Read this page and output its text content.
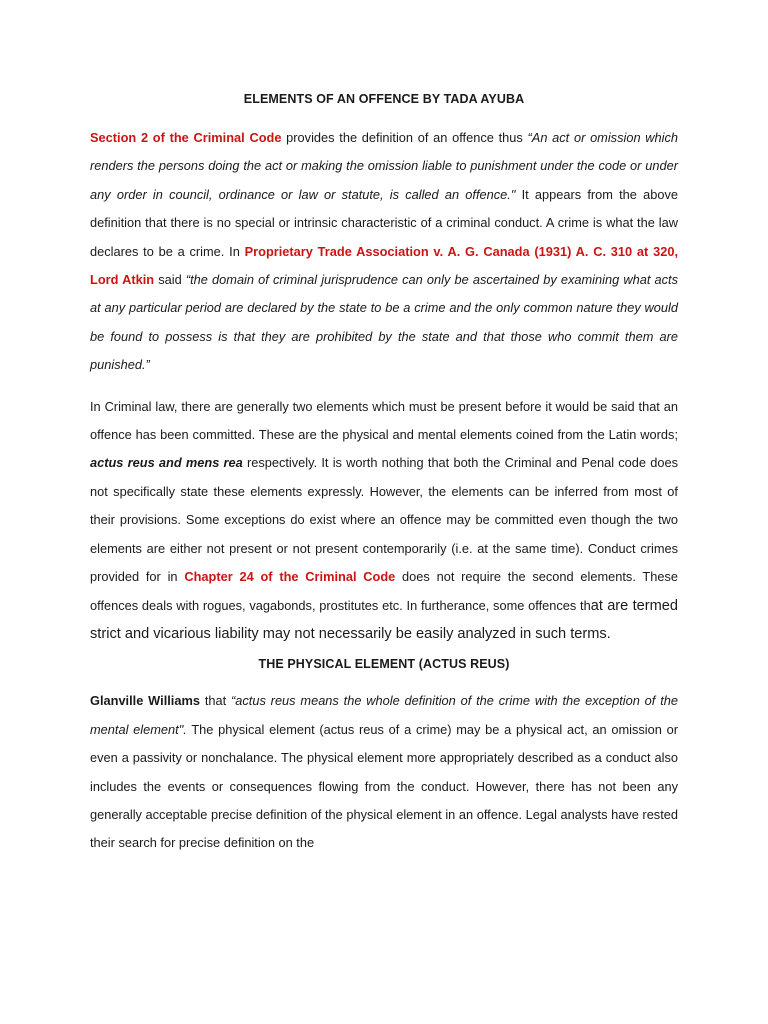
ELEMENTS OF AN OFFENCE BY TADA AYUBA

Section 2 of the Criminal Code provides the definition of an offence thus “An act or omission which renders the persons doing the act or making the omission liable to punishment under the code or under any order in council, ordinance or law or statute, is called an offence." It appears from the above definition that there is no special or intrinsic characteristic of a criminal conduct. A crime is what the law declares to be a crime. In Proprietary Trade Association v. A. G. Canada (1931) A. C. 310 at 320, Lord Atkin said “the domain of criminal jurisprudence can only be ascertained by examining what acts at any particular period are declared by the state to be a crime and the only common nature they would be found to possess is that they are prohibited by the state and that those who commit them are punished.”

In Criminal law, there are generally two elements which must be present before it would be said that an offence has been committed. These are the physical and mental elements coined from the Latin words; actus reus and mens rea respectively. It is worth nothing that both the Criminal and Penal code does not specifically state these elements expressly. However, the elements can be inferred from most of their provisions. Some exceptions do exist where an offence may be committed even though the two elements are either not present or not present contemporarily (i.e. at the same time). Conduct crimes provided for in Chapter 24 of the Criminal Code does not require the second elements. These offences deals with rogues, vagabonds, prostitutes etc. In furtherance, some offences that are termed strict and vicarious liability may not necessarily be easily analyzed in such terms.

THE PHYSICAL ELEMENT (ACTUS REUS)

Glanville Williams that “actus reus means the whole definition of the crime with the exception of the mental element". The physical element (actus reus of a crime) may be a physical act, an omission or even a passivity or nonchalance. The physical element more appropriately described as a conduct also includes the events or consequences flowing from the conduct. However, there has not been any generally acceptable precise definition of the physical element in an offence. Legal analysts have rested their search for precise definition on the
